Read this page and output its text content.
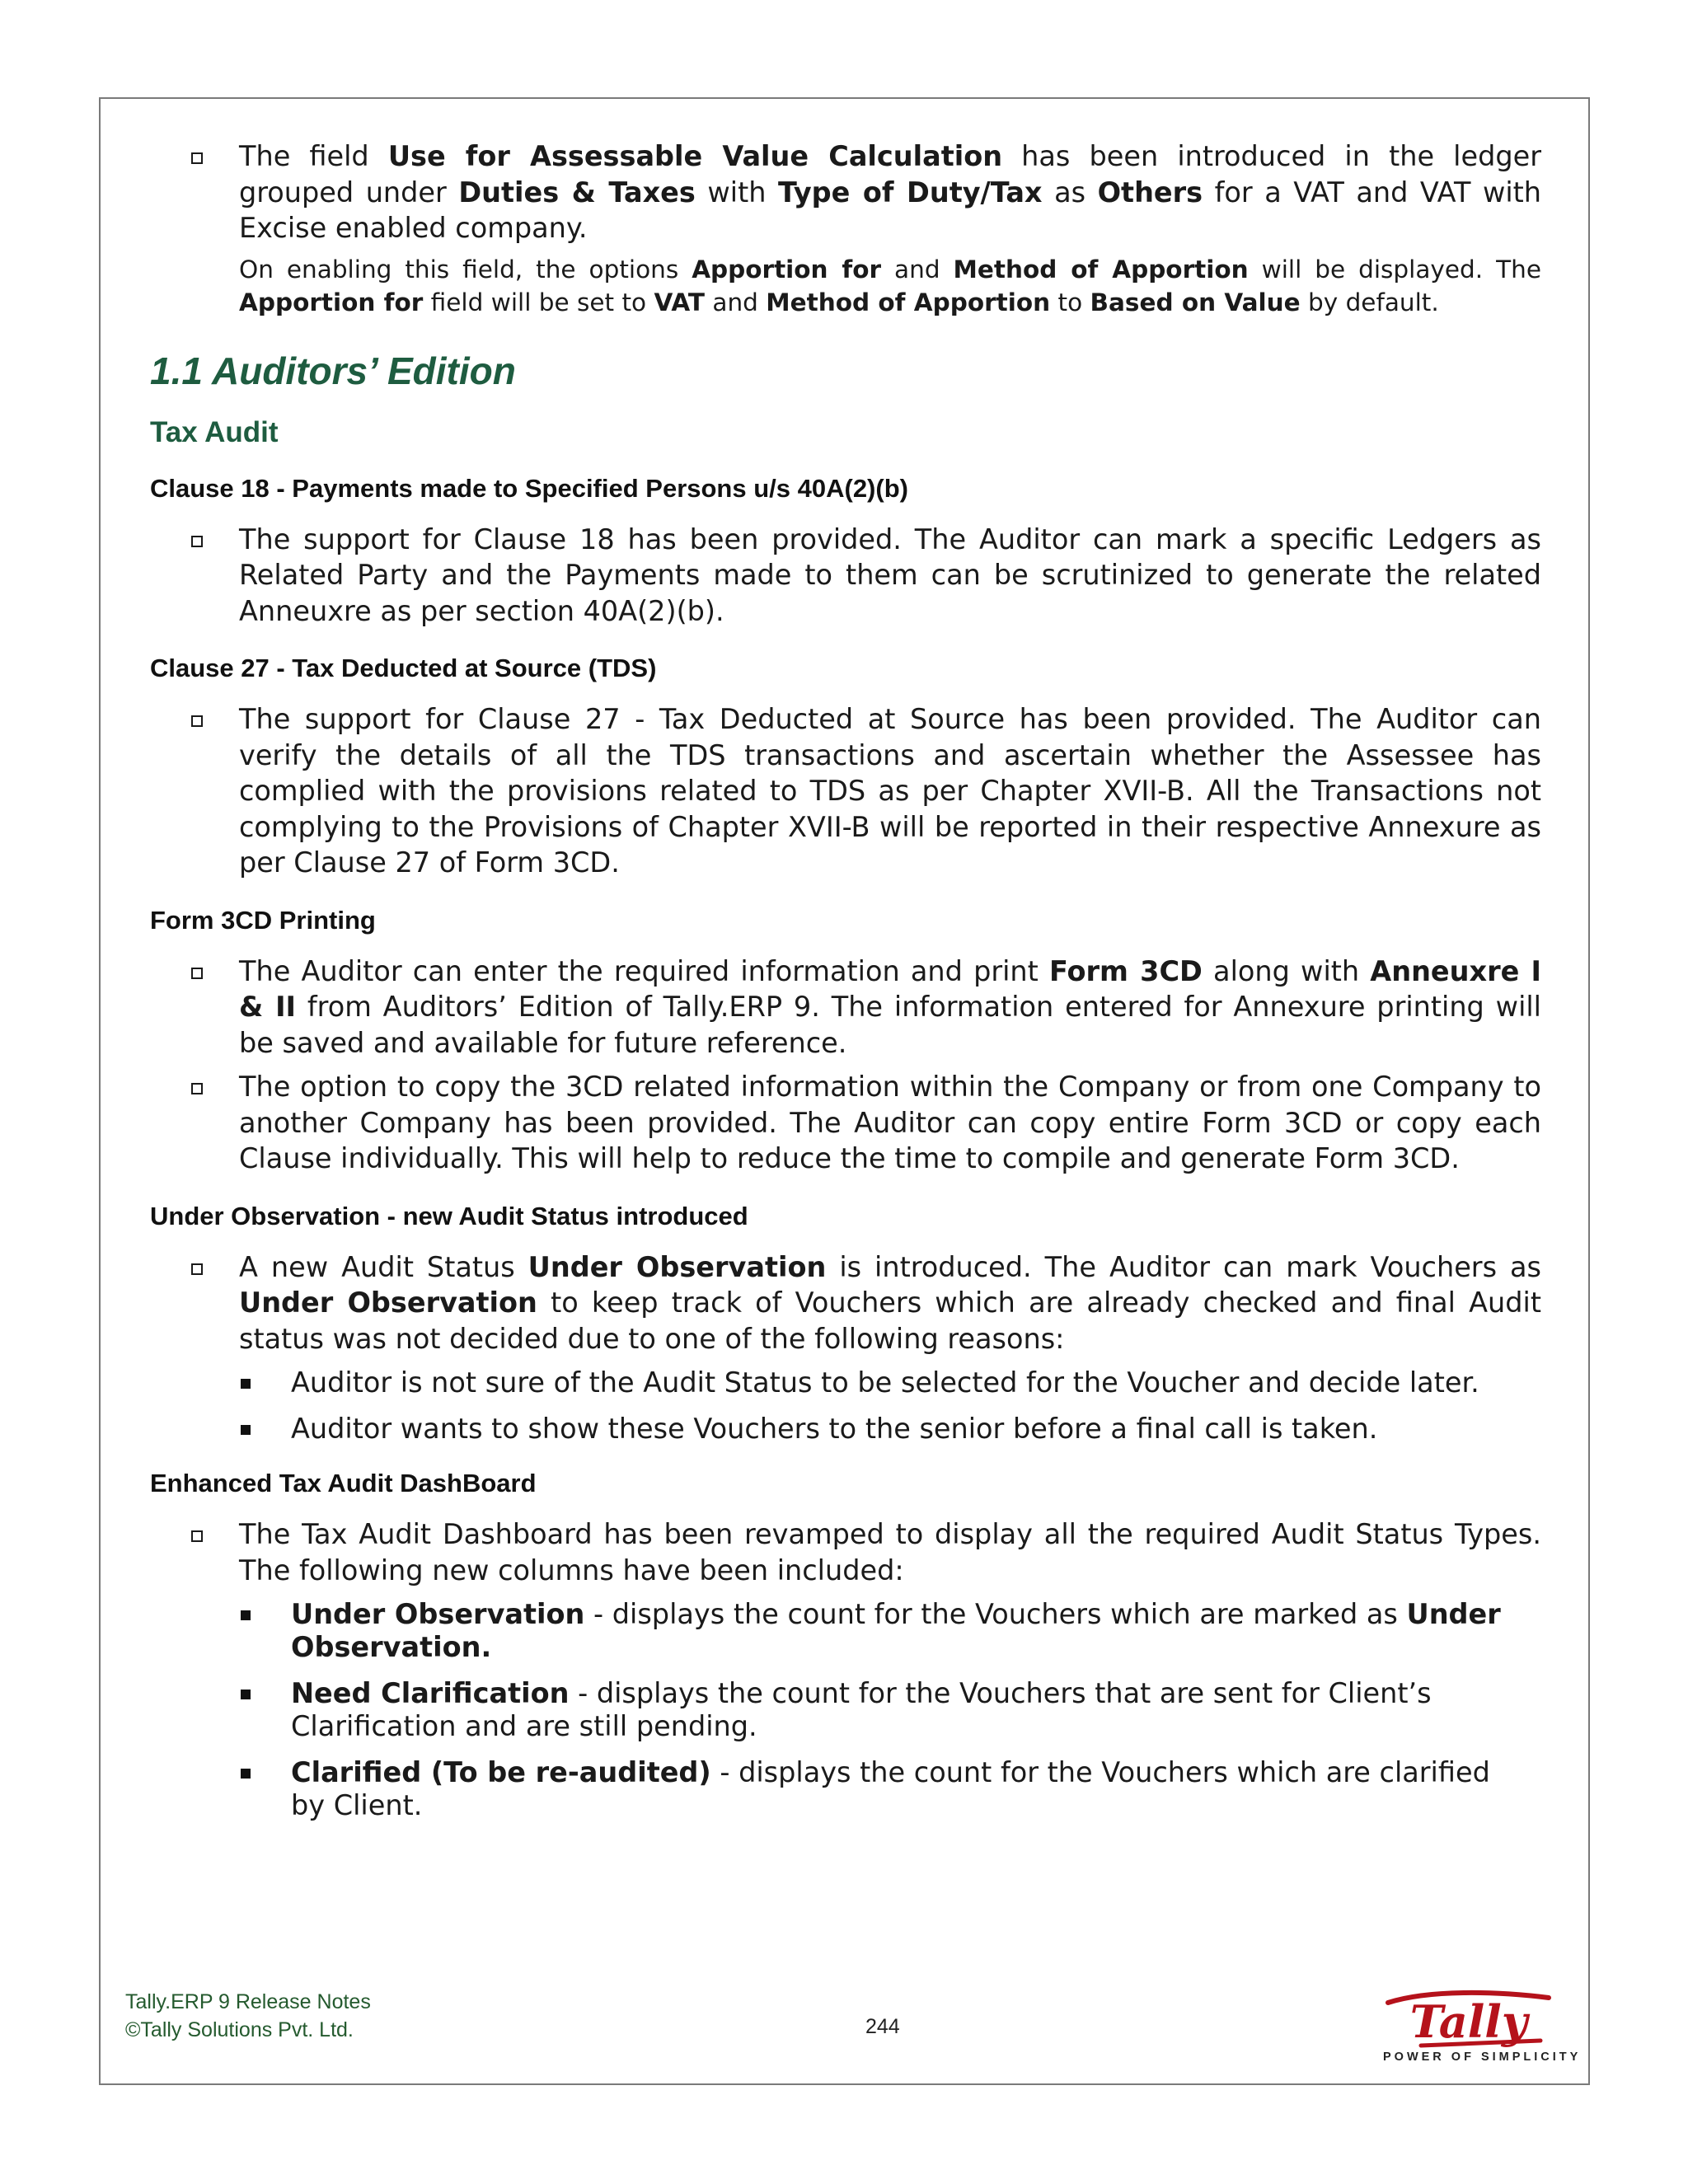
The field Use for Assessable Value Calculation has been introduced in the ledger grouped under Duties & Taxes with Type of Duty/Tax as Others for a VAT and VAT with Excise enabled company.
On enabling this field, the options Apportion for and Method of Apportion will be displayed. The Apportion for field will be set to VAT and Method of Apportion to Based on Value by default.
1.1 Auditors’ Edition
Tax Audit
Clause 18 - Payments made to Specified Persons u/s 40A(2)(b)
The support for Clause 18 has been provided. The Auditor can mark a specific Ledgers as Related Party and the Payments made to them can be scrutinized to generate the related Anneuxre as per section 40A(2)(b).
Clause 27 - Tax Deducted at Source (TDS)
The support for Clause 27 - Tax Deducted at Source has been provided. The Auditor can verify the details of all the TDS transactions and ascertain whether the Assessee has complied with the provisions related to TDS as per Chapter XVII-B. All the Transactions not complying to the Provisions of Chapter XVII-B will be reported in their respective Annexure as per Clause 27 of Form 3CD.
Form 3CD Printing
The Auditor can enter the required information and print Form 3CD along with Anneuxre I & II from Auditors’ Edition of Tally.ERP 9. The information entered for Annexure printing will be saved and available for future reference.
The option to copy the 3CD related information within the Company or from one Company to another Company has been provided. The Auditor can copy entire Form 3CD or copy each Clause individually. This will help to reduce the time to compile and generate Form 3CD.
Under Observation - new Audit Status introduced
A new Audit Status Under Observation is introduced. The Auditor can mark Vouchers as Under Observation to keep track of Vouchers which are already checked and final Audit status was not decided due to one of the following reasons:
Auditor is not sure of the Audit Status to be selected for the Voucher and decide later.
Auditor wants to show these Vouchers to the senior before a final call is taken.
Enhanced Tax Audit DashBoard
The Tax Audit Dashboard has been revamped to display all the required Audit Status Types. The following new columns have been included:
Under Observation - displays the count for the Vouchers which are marked as Under Observation.
Need Clarification - displays the count for the Vouchers that are sent for Client’s Clarification and are still pending.
Clarified (To be re-audited) - displays the count for the Vouchers which are clarified by Client.
Tally.ERP 9 Release Notes
©Tally Solutions Pvt. Ltd.	244	Tally
POWER OF SIMPLICITY
